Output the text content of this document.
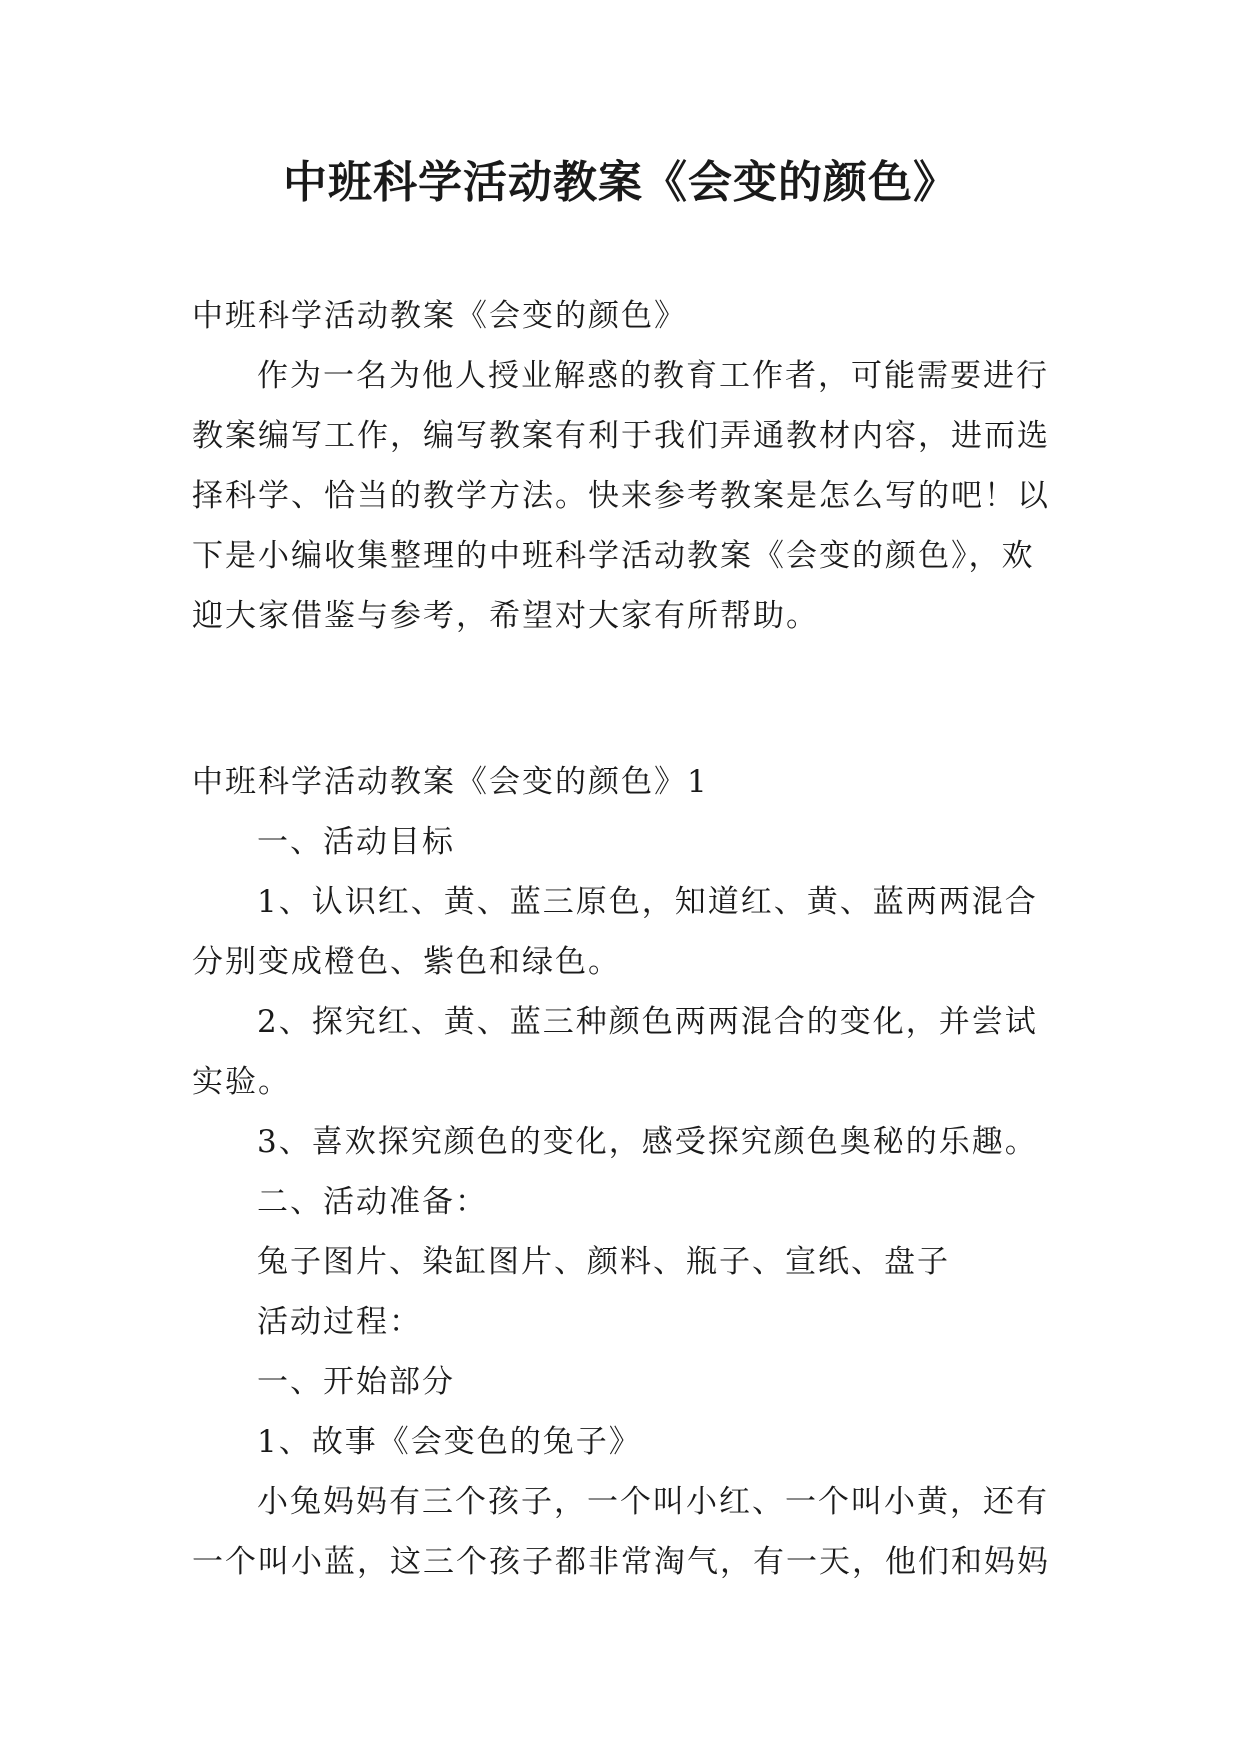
中班科学活动教案《会变的颜色》

中班科学活动教案《会变的颜色》

作为一名为他人授业解惑的教育工作者，可能需要进行教案编写工作，编写教案有利于我们弄通教材内容，进而选择科学、恰当的教学方法。快来参考教案是怎么写的吧！以下是小编收集整理的中班科学活动教案《会变的颜色》，欢迎大家借鉴与参考，希望对大家有所帮助。

中班科学活动教案《会变的颜色》1

一、活动目标

1、认识红、黄、蓝三原色，知道红、黄、蓝两两混合分别变成橙色、紫色和绿色。

2、探究红、黄、蓝三种颜色两两混合的变化，并尝试实验。

3、喜欢探究颜色的变化，感受探究颜色奥秘的乐趣。

二、活动准备：

兔子图片、染缸图片、颜料、瓶子、宣纸、盘子

活动过程：

一、开始部分

1、故事《会变色的兔子》

小兔妈妈有三个孩子，一个叫小红、一个叫小黄，还有一个叫小蓝，这三个孩子都非常淘气，有一天，他们和妈妈
